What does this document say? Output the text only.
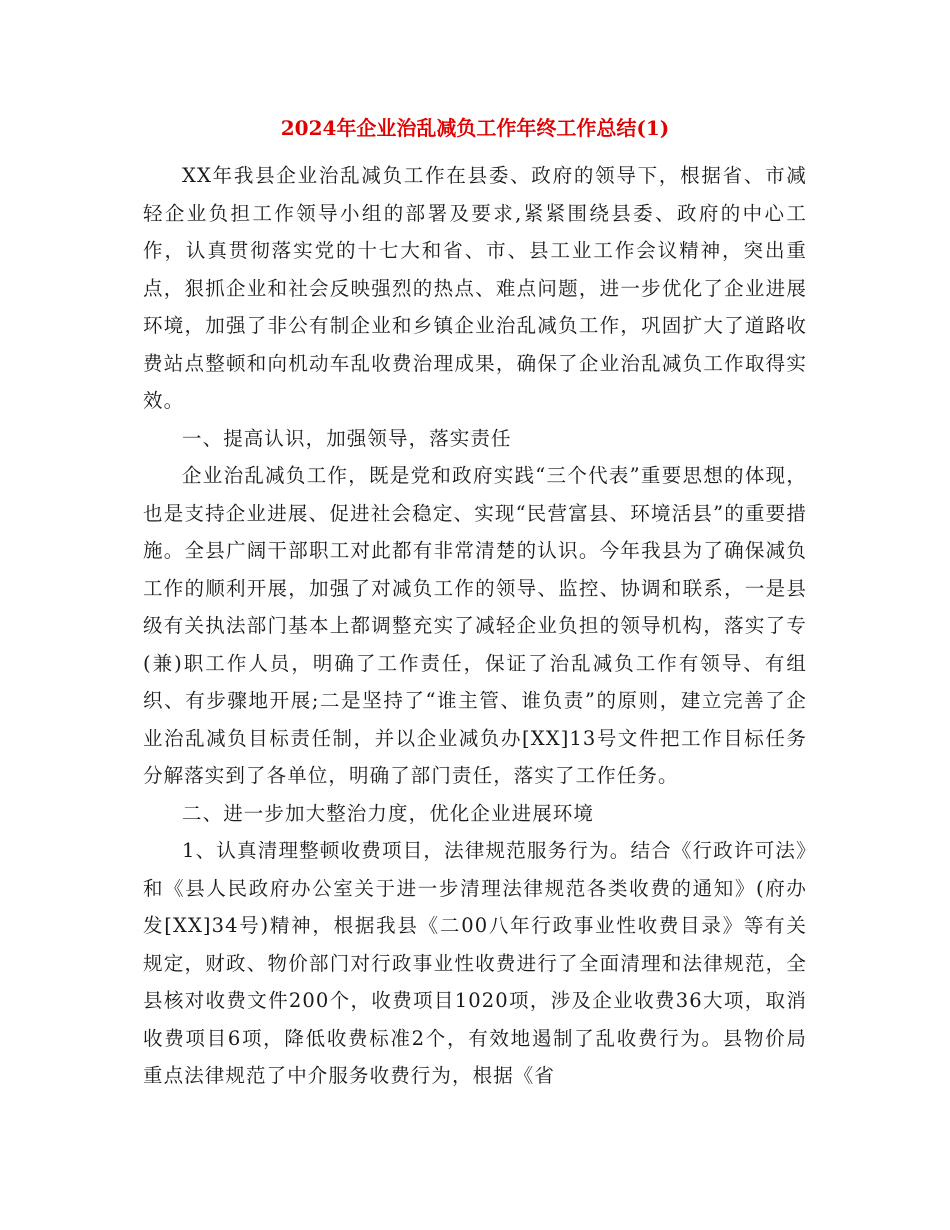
2024年企业治乱减负工作年终工作总结(1)

XX年我县企业治乱减负工作在县委、政府的领导下，根据省、市减轻企业负担工作领导小组的部署及要求,紧紧围绕县委、政府的中心工作，认真贯彻落实党的十七大和省、市、县工业工作会议精神，突出重点，狠抓企业和社会反映强烈的热点、难点问题，进一步优化了企业进展环境，加强了非公有制企业和乡镇企业治乱减负工作，巩固扩大了道路收费站点整顿和向机动车乱收费治理成果，确保了企业治乱减负工作取得实效。

一、提高认识，加强领导，落实责任

企业治乱减负工作，既是党和政府实践“三个代表”重要思想的体现，也是支持企业进展、促进社会稳定、实现“民营富县、环境活县”的重要措施。全县广阔干部职工对此都有非常清楚的认识。今年我县为了确保减负工作的顺利开展，加强了对减负工作的领导、监控、协调和联系，一是县级有关执法部门基本上都调整充实了减轻企业负担的领导机构，落实了专(兼)职工作人员，明确了工作责任，保证了治乱减负工作有领导、有组织、有步骤地开展;二是坚持了“谁主管、谁负责”的原则，建立完善了企业治乱减负目标责任制，并以企业减负办[XX]13号文件把工作目标任务分解落实到了各单位，明确了部门责任，落实了工作任务。

二、进一步加大整治力度，优化企业进展环境

1、认真清理整顿收费项目，法律规范服务行为。结合《行政许可法》和《县人民政府办公室关于进一步清理法律规范各类收费的通知》(府办发[XX]34号)精神，根据我县《二00八年行政事业性收费目录》等有关规定，财政、物价部门对行政事业性收费进行了全面清理和法律规范，全县核对收费文件200个，收费项目1020项，涉及企业收费36大项，取消收费项目6项，降低收费标准2个，有效地遏制了乱收费行为。县物价局重点法律规范了中介服务收费行为，根据《省
